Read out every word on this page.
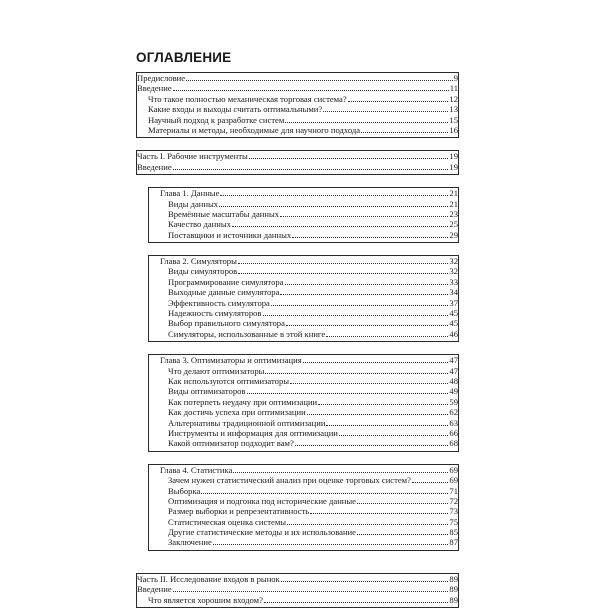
ОГЛАВЛЕНИЕ
Предисловие	9
Введение	11
Что такое полностью механическая торговая система?	12
Какие входы и выходы считать оптимальными?	13
Научный подход к разработке систем	15
Материалы и методы, необходимые для научного подхода	16
Часть I. Рабочие инструменты	19
Введение	19
Глава 1. Данные	21
Виды данных	21
Времённые масштабы данных	23
Качество данных	25
Поставщики и источники данных	29
Глава 2. Симуляторы	32
Виды симуляторов	32
Программирование симулятора	33
Выходные данные симулятора	34
Эффективность симулятора	37
Надежность симуляторов	45
Выбор правильного симулятора	45
Симуляторы, использованные в этой книге	46
Глава 3. Оптимизаторы и оптимизация	47
Что делают оптимизаторы	47
Как используются оптимизаторы	48
Виды оптимизаторов	49
Как потерпеть неудачу при оптимизации	59
Как достичь успеха при оптимизации	62
Альтернативы традиционной оптимизации	63
Инструменты и информация для оптимизации	66
Какой оптимизатор подходит вам?	68
Глава 4. Статистика	69
Зачем нужен статистический анализ при оценке торговых систем?	69
Выборка	71
Оптимизация и подгонка под исторические данные	72
Размер выборки и репрезентативность	73
Статистическая оценка системы	75
Другие статистические методы и их использование	85
Заключение	87
Часть II. Исследование входов в рынок	89
Введение	89
Что является хорошим входом?	89
